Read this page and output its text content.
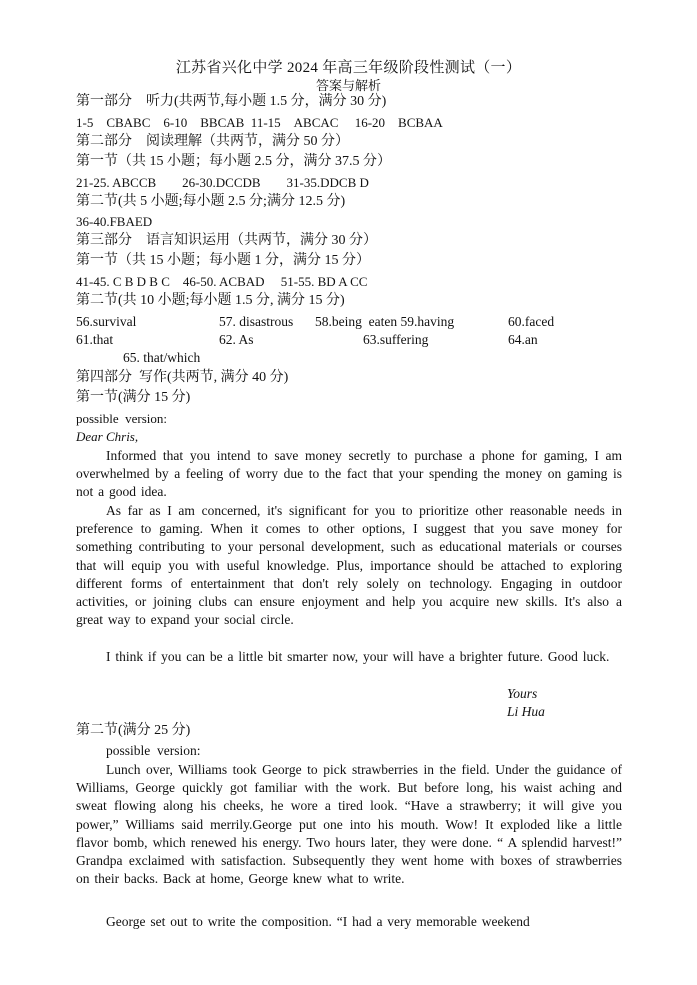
江苏省兴化中学 2024 年高三年级阶段性测试（一）
答案与解析
第一部分　听力(共两节,每小题 1.5 分，满分 30 分)
1-5　CBABC　6-10　BBCAB  11-15　ABCAC　 16-20　BCBAA
第二部分　阅读理解（共两节，满分 50 分）
第一节（共 15 小题；每小题 2.5 分，满分 37.5 分）
21-25. ABCCB　　26-30.DCCDB　　31-35.DDCB D
第二节(共 5 小题;每小题 2.5 分;满分 12.5 分)
36-40.FBAED
第三部分　语言知识运用（共两节，满分 30 分）
第一节（共 15 小题；每小题 1 分，满分 15 分）
41-45. C B D B C　46-50. ACBAD　 51-55. BD A CC
第二节(共 10 小题;每小题 1.5 分, 满分 15 分)
56.survival	57. disastrous 58.being  eaten 59.having	60.faced
61.that	62. As	63.suffering	64.an
65. that/which
第四部分  写作(共两节, 满分 40 分)
第一节(满分 15 分)
possible  version:
Dear Chris,
Informed that you intend to save money secretly to purchase a phone for gaming, I am overwhelmed by a feeling of worry due to the fact that your spending the money on gaming is not a good idea.
As far as I am concerned, it's significant for you to prioritize other reasonable needs in preference to gaming. When it comes to other options, I suggest that you save money for something contributing to your personal development, such as educational materials or courses that will equip you with useful knowledge. Plus, importance should be attached to exploring different forms of entertainment that don't rely solely on technology. Engaging in outdoor activities, or joining clubs can ensure enjoyment and help you acquire new skills. It's also a great way to expand your social circle.
I think if you can be a little bit smarter now, your will have a brighter future. Good luck.
Yours
Li Hua
第二节(满分 25 分)
possible  version:
Lunch over, Williams took George to pick strawberries in the field. Under the guidance of Williams, George quickly got familiar with the work. But before long, his waist aching and sweat flowing along his cheeks, he wore a tired look. “Have a strawberry; it will give you power,” Williams said merrily.George put one into his mouth. Wow! It exploded like a little flavor bomb, which renewed his energy. Two hours later, they were done. “ A splendid harvest!” Grandpa exclaimed with satisfaction. Subsequently they went home with boxes of strawberries on their backs. Back at home, George knew what to write.
George set out to write the composition. “I had a very memorable weekend
